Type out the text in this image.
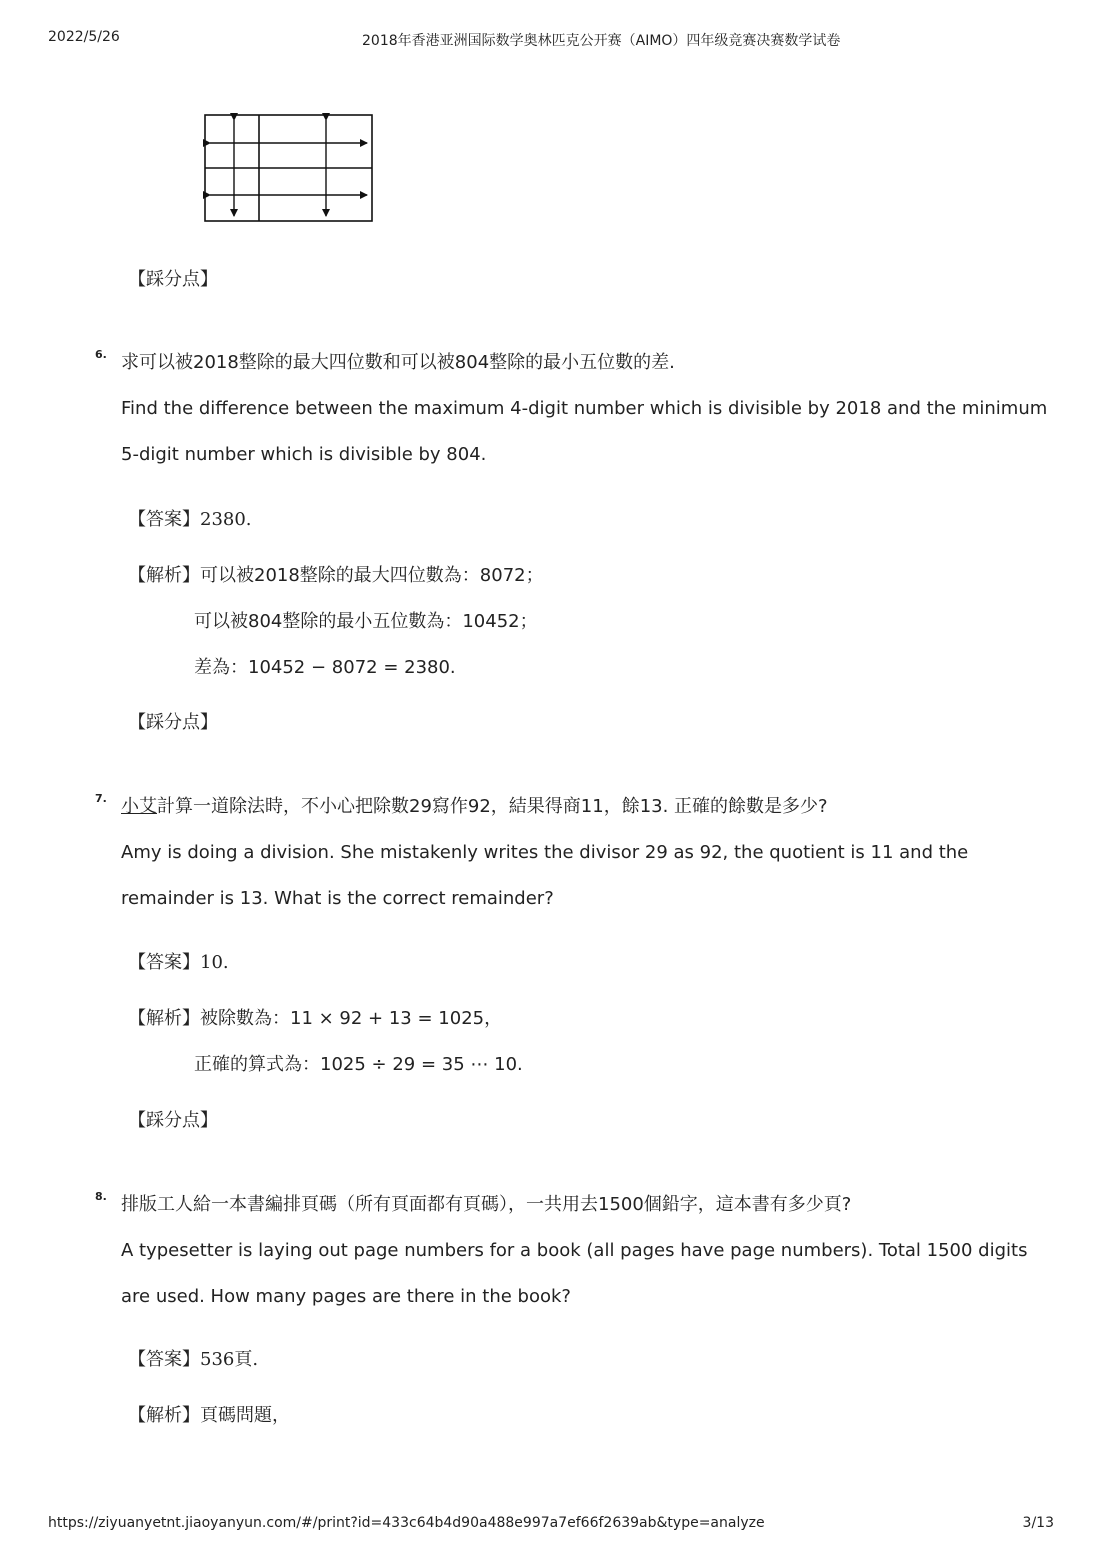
2022/5/26	2018年香港亚洲国际数学奥林匹克公开赛（AIMO）四年级竞赛决赛数学试卷
https://ziyuanyetnt.jiaoyanyun.com/#/print?id=433c64b4d90a488e997a7ef66f2639ab&type=analyze	3/13
【踩分点】
6. 求可以被2018整除的最大四位數和可以被804整除的最小五位數的差.
Find the difference between the maximum 4-digit number which is divisible by 2018 and the minimum
5-digit number which is divisible by 804.
【答案】2380.
【解析】可以被2018整除的最大四位數為：8072；
可以被804整除的最小五位數為：10452；
差為：10452 − 8072 = 2380.
【踩分点】
7. 小艾計算一道除法時，不小心把除數29寫作92，結果得商11，餘13. 正確的餘數是多少?
Amy is doing a division. She mistakenly writes the divisor 29 as 92, the quotient is 11 and the
remainder is 13. What is the correct remainder?
【答案】10.
【解析】被除數為：11 × 92 + 13 = 1025，
正確的算式為：1025 ÷ 29 = 35 ⋯ 10.
【踩分点】
8. 排版工人給一本書編排頁碼（所有頁面都有頁碼），一共用去1500個鉛字，這本書有多少頁?
A typesetter is laying out page numbers for a book (all pages have page numbers). Total 1500 digits
are used. How many pages are there in the book?
【答案】536頁.
【解析】頁碼問題，
